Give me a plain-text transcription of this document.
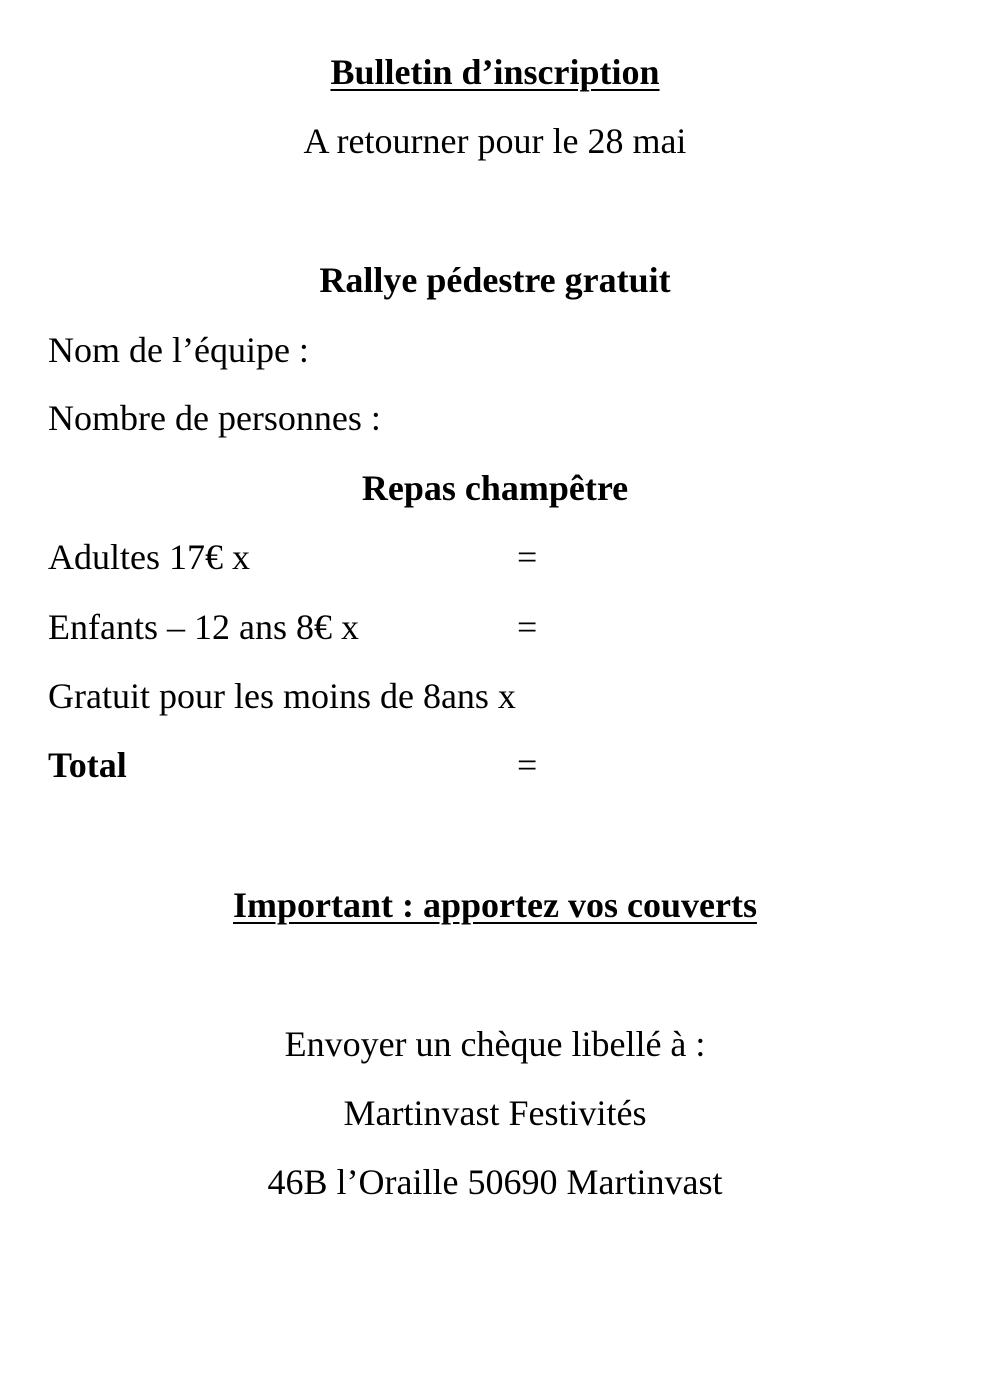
Bulletin d’inscription

A retourner pour le 28 mai

Rallye pédestre gratuit

Nom de l’équipe :

Nombre de personnes :

Repas champêtre

Adultes 17€ x	=

Enfants – 12 ans 8€ x	=

Gratuit pour les moins de 8ans x

Total	=

Important : apportez vos couverts

Envoyer un chèque libellé à :

Martinvast Festivités

46B l’Oraille 50690 Martinvast
